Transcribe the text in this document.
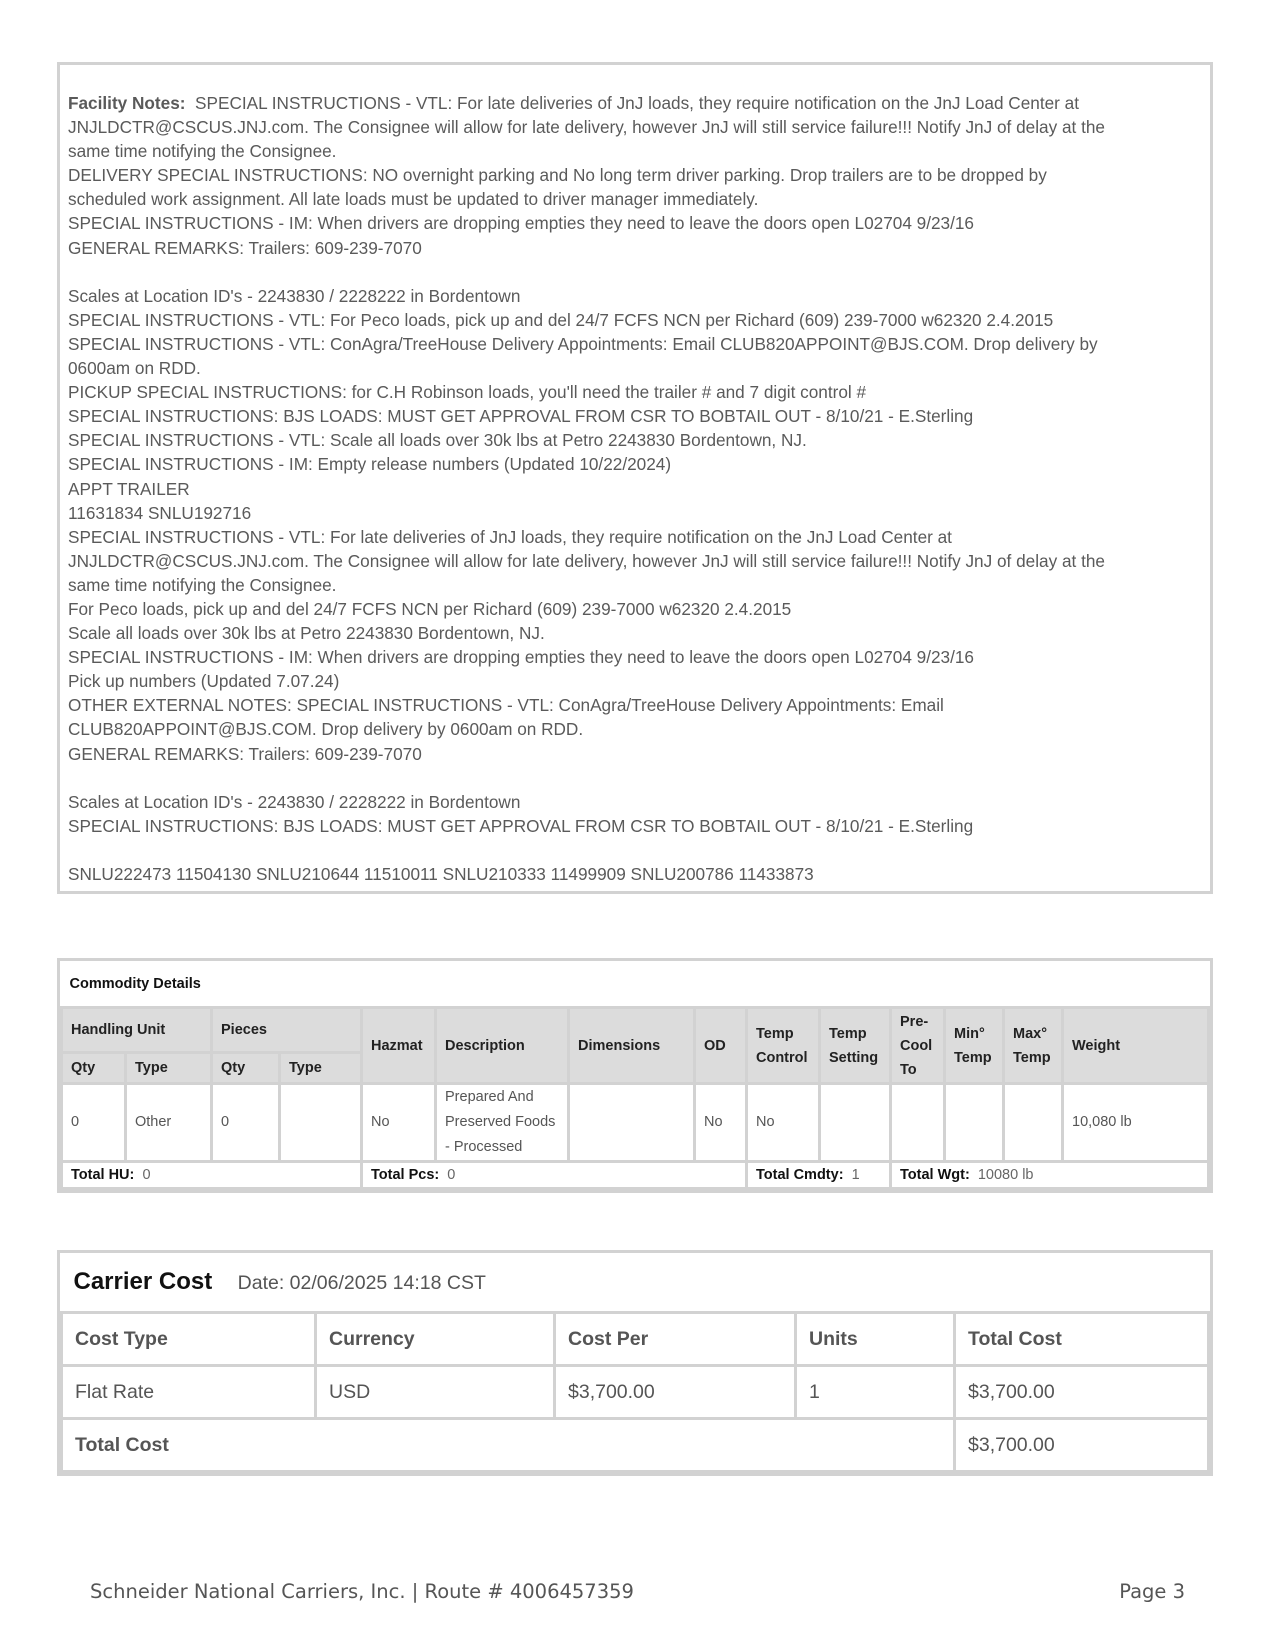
Facility Notes: SPECIAL INSTRUCTIONS - VTL: For late deliveries of JnJ loads, they require notification on the JnJ Load Center at
JNJLDCTR@CSCUS.JNJ.com. The Consignee will allow for late delivery, however JnJ will still service failure!!! Notify JnJ of delay at the
same time notifying the Consignee.
DELIVERY SPECIAL INSTRUCTIONS: NO overnight parking and No long term driver parking. Drop trailers are to be dropped by
scheduled work assignment. All late loads must be updated to driver manager immediately.
SPECIAL INSTRUCTIONS - IM: When drivers are dropping empties they need to leave the doors open L02704 9/23/16
GENERAL REMARKS: Trailers: 609-239-7070
Scales at Location ID's - 2243830 / 2228222 in Bordentown
SPECIAL INSTRUCTIONS - VTL: For Peco loads, pick up and del 24/7 FCFS NCN per Richard (609) 239-7000 w62320 2.4.2015
SPECIAL INSTRUCTIONS - VTL: ConAgra/TreeHouse Delivery Appointments: Email CLUB820APPOINT@BJS.COM. Drop delivery by
0600am on RDD.
PICKUP SPECIAL INSTRUCTIONS: for C.H Robinson loads, you'll need the trailer # and 7 digit control #
SPECIAL INSTRUCTIONS: BJS LOADS: MUST GET APPROVAL FROM CSR TO BOBTAIL OUT - 8/10/21 - E.Sterling
SPECIAL INSTRUCTIONS - VTL: Scale all loads over 30k lbs at Petro 2243830 Bordentown, NJ.
SPECIAL INSTRUCTIONS - IM: Empty release numbers (Updated 10/22/2024)
APPT TRAILER
11631834 SNLU192716
SPECIAL INSTRUCTIONS - VTL: For late deliveries of JnJ loads, they require notification on the JnJ Load Center at
JNJLDCTR@CSCUS.JNJ.com. The Consignee will allow for late delivery, however JnJ will still service failure!!! Notify JnJ of delay at the
same time notifying the Consignee.
For Peco loads, pick up and del 24/7 FCFS NCN per Richard (609) 239-7000 w62320 2.4.2015
Scale all loads over 30k lbs at Petro 2243830 Bordentown, NJ.
SPECIAL INSTRUCTIONS - IM: When drivers are dropping empties they need to leave the doors open L02704 9/23/16
Pick up numbers (Updated 7.07.24)
OTHER EXTERNAL NOTES: SPECIAL INSTRUCTIONS - VTL: ConAgra/TreeHouse Delivery Appointments: Email
CLUB820APPOINT@BJS.COM. Drop delivery by 0600am on RDD.
GENERAL REMARKS: Trailers: 609-239-7070
Scales at Location ID's - 2243830 / 2228222 in Bordentown
SPECIAL INSTRUCTIONS: BJS LOADS: MUST GET APPROVAL FROM CSR TO BOBTAIL OUT - 8/10/21 - E.Sterling
SNLU222473 11504130 SNLU210644 11510011 SNLU210333 11499909 SNLU200786 11433873
Commodity Details													
Handling Unit		Pieces		Hazmat	Description	Dimensions	OD	Temp Control	Temp Setting	Pre-Cool To	Min° Temp	Max° Temp	Weight
Qty	Type	Qty	Type										
0	Other	0		No	Prepared And Preserved Foods - Processed		No	No					10,080 lb
Total HU: 0				Total Pcs: 0				Total Cmdty: 1		Total Wgt: 10080 lb			
Carrier Cost Date: 02/06/2025 14:18 CST				
Cost Type	Currency	Cost Per	Units	Total Cost
Flat Rate	USD	$3,700.00	1	$3,700.00
Total Cost				$3,700.00
Schneider National Carriers, Inc. | Route # 4006457359	Page 3
